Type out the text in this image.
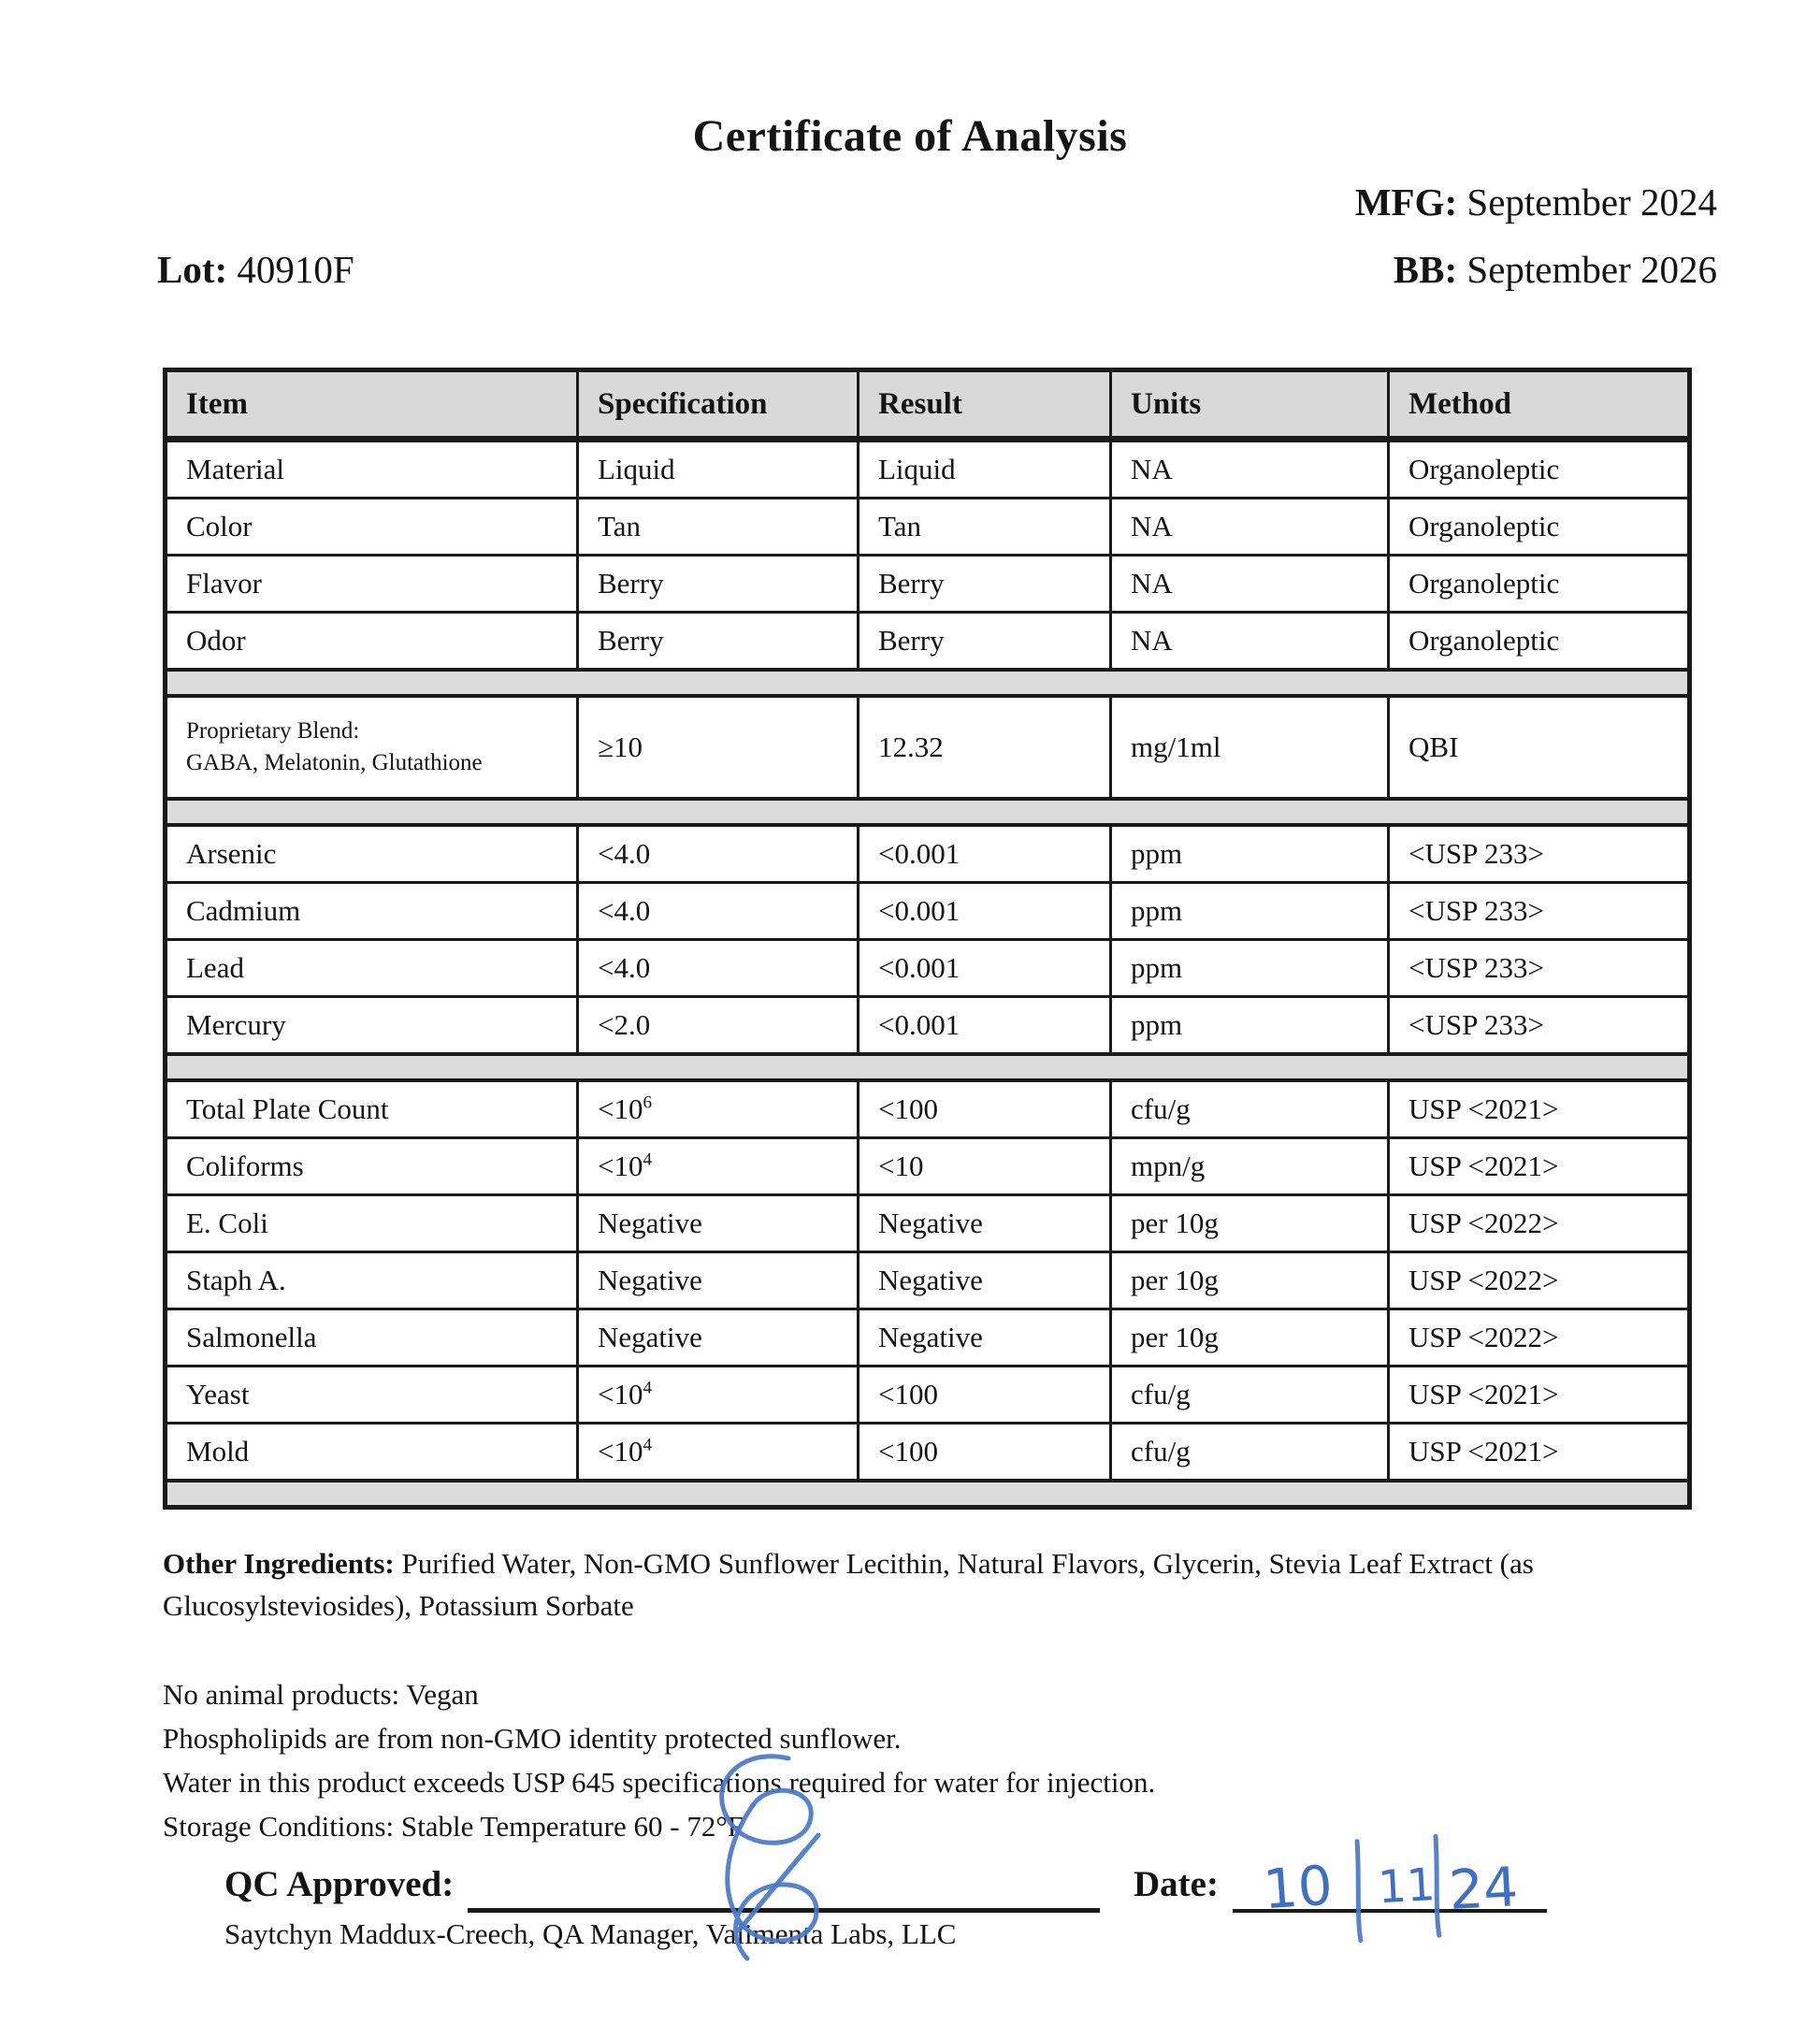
Certificate of Analysis
MFG: September 2024
Lot: 40910F	BB: September 2026
Item	Specification	Result	Units	Method
Material	Liquid	Liquid	NA	Organoleptic
Color	Tan	Tan	NA	Organoleptic
Flavor	Berry	Berry	NA	Organoleptic
Odor	Berry	Berry	NA	Organoleptic

Proprietary Blend:
GABA, Melatonin, Glutathione	≥10	12.32	mg/1ml	QBI

Arsenic	<4.0	<0.001	ppm	<USP 233>
Cadmium	<4.0	<0.001	ppm	<USP 233>
Lead	<4.0	<0.001	ppm	<USP 233>
Mercury	<2.0	<0.001	ppm	<USP 233>

Total Plate Count	$<10^6$	<100	cfu/g	USP <2021>
Coliforms	$<10^4$	<10	mpn/g	USP <2021>
E. Coli	Negative	Negative	per 10g	USP <2022>
Staph A.	Negative	Negative	per 10g	USP <2022>
Salmonella	Negative	Negative	per 10g	USP <2022>
Yeast	$<10^4$	<100	cfu/g	USP <2021>
Mold	$<10^4$	<100	cfu/g	USP <2021>

Other Ingredients: Purified Water, Non-GMO Sunflower Lecithin, Natural Flavors, Glycerin, Stevia Leaf Extract (as Glucosylsteviosides), Potassium Sorbate

No animal products: Vegan
Phospholipids are from non-GMO identity protected sunflower.
Water in this product exceeds USP 645 specifications required for water for injection.
Storage Conditions: Stable Temperature 60 - 72°F
QC Approved:	Date:
Saytchyn Maddux-Creech, QA Manager, Valimenta Labs, LLC
10 11 24
